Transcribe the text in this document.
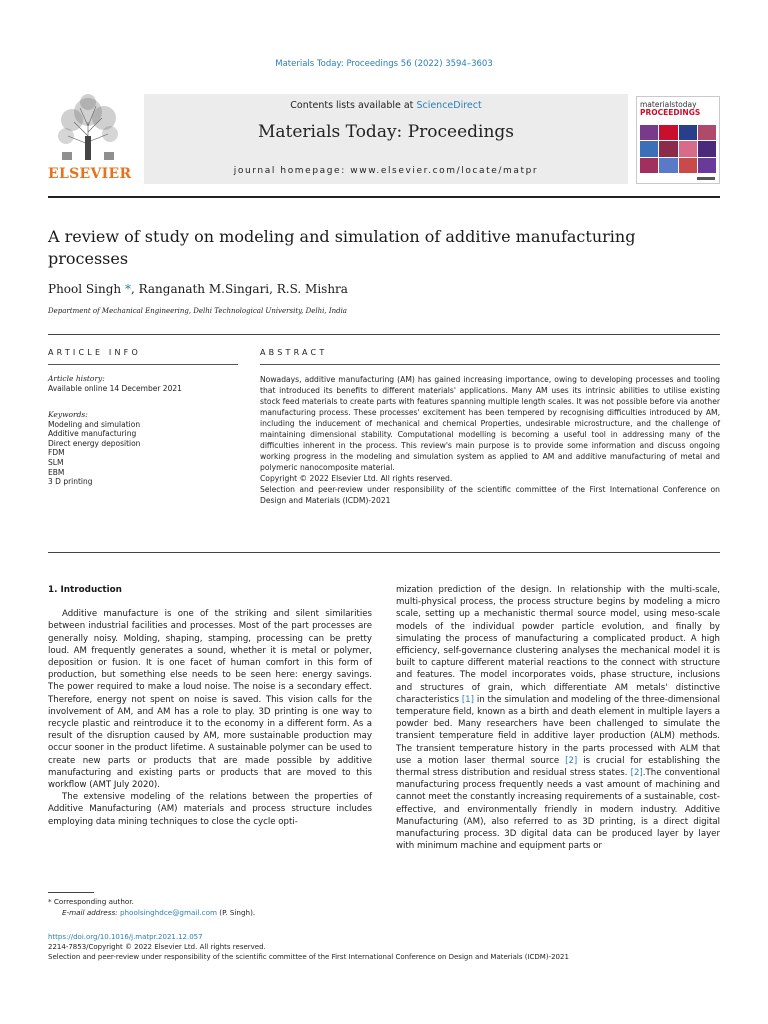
Materials Today: Proceedings 56 (2022) 3594–3603
ELSEVIER
Contents lists available at ScienceDirect
Materials Today: Proceedings
journal homepage: www.elsevier.com/locate/matpr
materialstoday
PROCEEDINGS
A review of study on modeling and simulation of additive manufacturing processes
Phool Singh *, Ranganath M.Singari, R.S. Mishra
Department of Mechanical Engineering, Delhi Technological University, Delhi, India
ARTICLE INFO	ABSTRACT
Article history:
Available online 14 December 2021
Keywords:
Modeling and simulation
Additive manufacturing
Direct energy deposition
FDM
SLM
EBM
3 D printing

Nowadays, additive manufacturing (AM) has gained increasing importance, owing to developing processes and tooling that introduced its benefits to different materials' applications. Many AM uses its intrinsic abilities to utilise existing stock feed materials to create parts with features spanning multiple length scales. It was not possible before via another manufacturing process. These processes' excitement has been tempered by recognising difficulties introduced by AM, including the inducement of mechanical and chemical Properties, undesirable microstructure, and the challenge of maintaining dimensional stability. Computational modelling is becoming a useful tool in addressing many of the difficulties inherent in the process. This review's main purpose is to provide some information and discuss ongoing working progress in the modeling and simulation system as applied to AM and additive manufacturing of metal and polymeric nanocomposite material.

Copyright © 2022 Elsevier Ltd. All rights reserved.

Selection and peer-review under responsibility of the scientific committee of the First International Conference on Design and Materials (ICDM)-2021

1. Introduction

Additive manufacture is one of the striking and silent similarities between industrial facilities and processes. Most of the part processes are generally noisy. Molding, shaping, stamping, processing can be pretty loud. AM frequently generates a sound, whether it is metal or polymer, deposition or fusion. It is one facet of human comfort in this form of production, but something else needs to be seen here: energy savings. The power required to make a loud noise. The noise is a secondary effect. Therefore, energy not spent on noise is saved. This vision calls for the involvement of AM, and AM has a role to play. 3D printing is one way to recycle plastic and reintroduce it to the economy in a different form. As a result of the disruption caused by AM, more sustainable production may occur sooner in the product lifetime. A sustainable polymer can be used to create new parts or products that are made possible by additive manufacturing and existing parts or products that are moved to this workflow (AMT July 2020).

The extensive modeling of the relations between the properties of Additive Manufacturing (AM) materials and process structure includes employing data mining techniques to close the cycle opti-

mization prediction of the design. In relationship with the multi-scale, multi-physical process, the process structure begins by modeling a micro scale, setting up a mechanistic thermal source model, using meso-scale models of the individual powder particle evolution, and finally by simulating the process of manufacturing a complicated product. A high efficiency, self-governance clustering analyses the mechanical model it is built to capture different material reactions to the connect with structure and features. The model incorporates voids, phase structure, inclusions and structures of grain, which differentiate AM metals' distinctive characteristics [1] in the simulation and modeling of the three-dimensional temperature field, known as a birth and death element in multiple layers a powder bed. Many researchers have been challenged to simulate the transient temperature field in additive layer production (ALM) methods. The transient temperature history in the parts processed with ALM that use a motion laser thermal source [2] is crucial for establishing the thermal stress distribution and residual stress states. [2].The conventional manufacturing process frequently needs a vast amount of machining and cannot meet the constantly increasing requirements of a sustainable, cost-effective, and environmentally friendly in modern industry. Additive Manufacturing (AM), also referred to as 3D printing, is a direct digital manufacturing process. 3D digital data can be produced layer by layer with minimum machine and equipment parts or

* Corresponding author.
E-mail address: phoolsinghdce@gmail.com (P. Singh).
https://doi.org/10.1016/j.matpr.2021.12.057
2214-7853/Copyright © 2022 Elsevier Ltd. All rights reserved.
Selection and peer-review under responsibility of the scientific committee of the First International Conference on Design and Materials (ICDM)-2021
